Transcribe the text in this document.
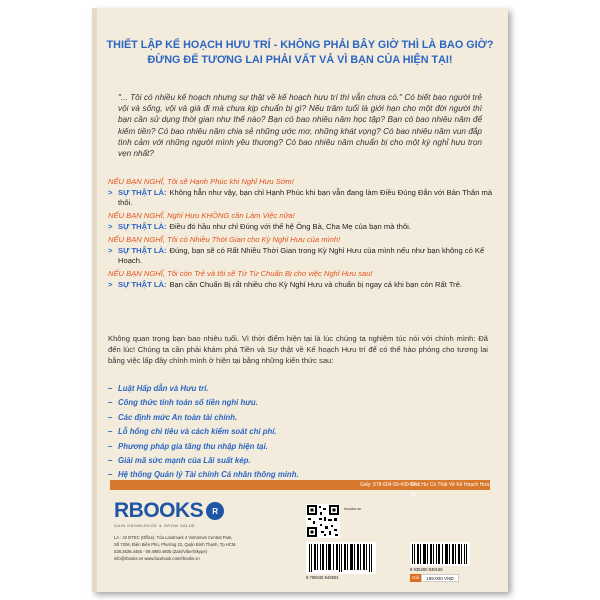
THIẾT LẬP KẾ HOẠCH HƯU TRÍ - KHÔNG PHẢI BÂY GIỜ THÌ LÀ BAO GIỜ?
ĐỪNG ĐỂ TƯƠNG LAI PHẢI VẤT VẢ VÌ BẠN CỦA HIỆN TẠI!
"... Tôi có nhiều kế hoạch nhưng sự thật về kế hoạch hưu trí thì vẫn chưa có." Có biết bao người trẻ vội và sống, vội và già đi mà chưa kịp chuẩn bị gì? Nếu trăm tuổi là giới hạn cho một đời người thì bạn cần sử dụng thời gian như thế nào? Bạn có bao nhiêu năm học tập? Bạn có bao nhiêu năm để kiếm tiền? Có bao nhiêu năm chia sẻ những ước mơ, những khát vọng? Có bao nhiêu năm vun đắp tình cảm với những người mình yêu thương? Có bao nhiêu năm chuẩn bị cho một kỳ nghỉ hưu trọn vẹn nhất?
NẾU BẠN NGHĨ, Tôi sẽ Hạnh Phúc khi Nghỉ Hưu Sớm!
> SỰ THẬT LÀ: Không hẳn như vậy, bạn chỉ Hạnh Phúc khi bạn vẫn đang làm Điều Đúng Đắn với Bản Thân mà thôi.
NẾU BẠN NGHĨ, Nghỉ Hưu KHÔNG cần Làm Việc nữa!
> SỰ THẬT LÀ: Điều đó hầu như chỉ Đúng với thế hệ Ông Bà, Cha Mẹ của bạn mà thôi.
NẾU BẠN NGHĨ, Tôi có Nhiều Thời Gian cho Kỳ Nghỉ Hưu của mình!
> SỰ THẬT LÀ: Đúng, bạn sẽ có Rất Nhiều Thời Gian trong Kỳ Nghỉ Hưu của mình nếu như bạn không có Kế Hoạch.
NẾU BẠN NGHĨ, Tôi còn Trẻ và tôi sẽ Từ Từ Chuẩn Bị cho việc Nghỉ Hưu sau!
> SỰ THẬT LÀ: Bạn cần Chuẩn Bị rất nhiều cho Kỳ Nghỉ Hưu và chuẩn bị ngay cả khi bạn còn Rất Trẻ.
Không quan trọng bạn bao nhiêu tuổi. Vì thời điểm hiện tại là lúc chúng ta nghiệm túc nói với chính mình: Đã đến lúc! Chúng ta cần phải khám phá Tiền và Sự thật về Kế hoạch Hưu trí để có thể hào phóng cho tương lai bằng việc lấp đầy chính mình ở hiện tại bằng những kiến thức sau:
– Luật Hấp dẫn và Hưu trí.
– Công thức tính toán số tiền nghỉ hưu.
– Các định mức An toàn tài chính.
– Lỗ hổng chi tiêu và cách kiểm soát chi phí.
– Phương pháp gia tăng thu nhập hiện tại.
– Giải mã sức mạnh của Lãi suất kép.
– Hệ thống Quản lý Tài chính Cá nhân thông minh.
Giấy: 978-604-59-430-60-1
Tên: Hư Có Thật Về Kế Hoạch Hưu Trí
RBOOKS	R
GAIN KNOWLEDGE & GROW VALUE
LA : 42 ĐTEC (Office), Tòa Landmark 4 Vinhomes Central Park,
Số 72/M, Điện Biên Phủ, Phường 22, Quận Bình Thạnh, Tp.HCM.
028.3636.4465 - 09.4980.4805 (Zalo/Viber/Skype)
info@rbooks.vn www.facebook.com/rbooks.vn
rbooks.vn
9 786045 943601
8 935280 930166
Giá	199.000 VNĐ
